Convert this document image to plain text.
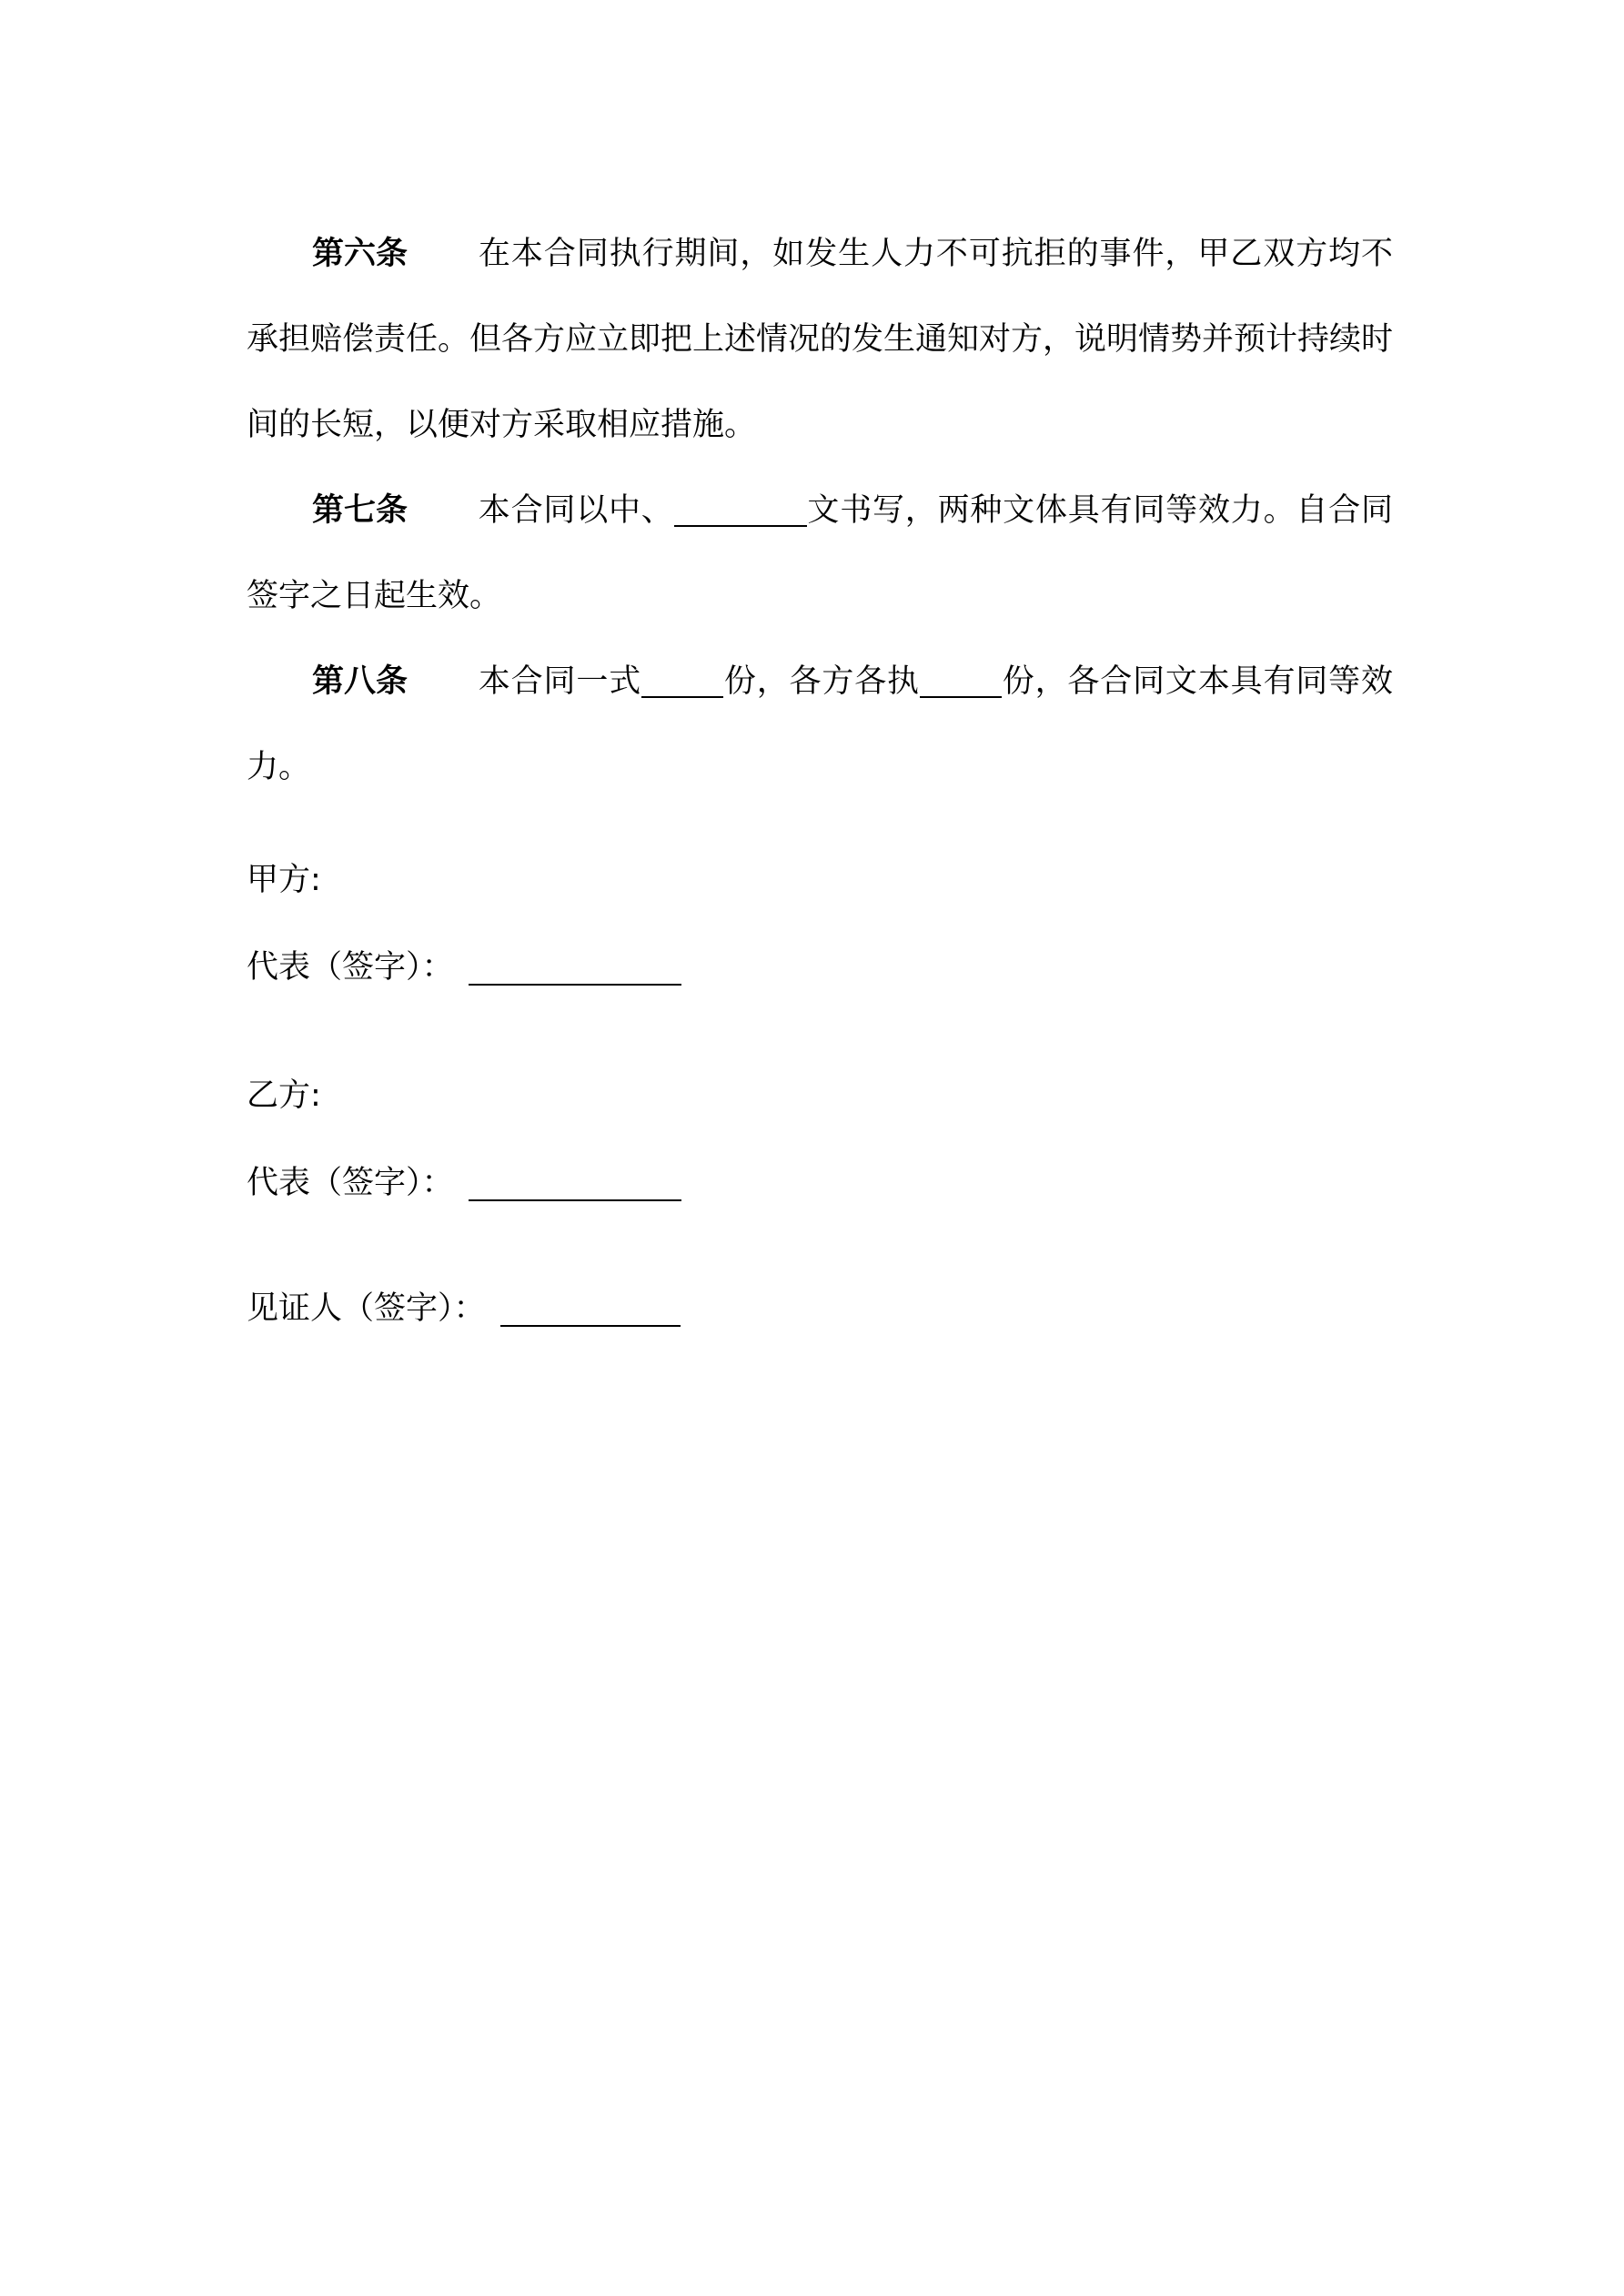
第六条 在本合同执行期间，如发生人力不可抗拒的事件，甲乙双方均不承担赔偿责任。但各方应立即把上述情况的发生通知对方，说明情势并预计持续时间的长短，以便对方采取相应措施。

第七条 本合同以中、	文书写，两种文体具有同等效力。自合同签字之日起生效。

第八条 本合同一式	份，各方各执	份，各合同文本具有同等效力。

甲方:
代表（签字）：
乙方:
代表（签字）：
见证人（签字）：
